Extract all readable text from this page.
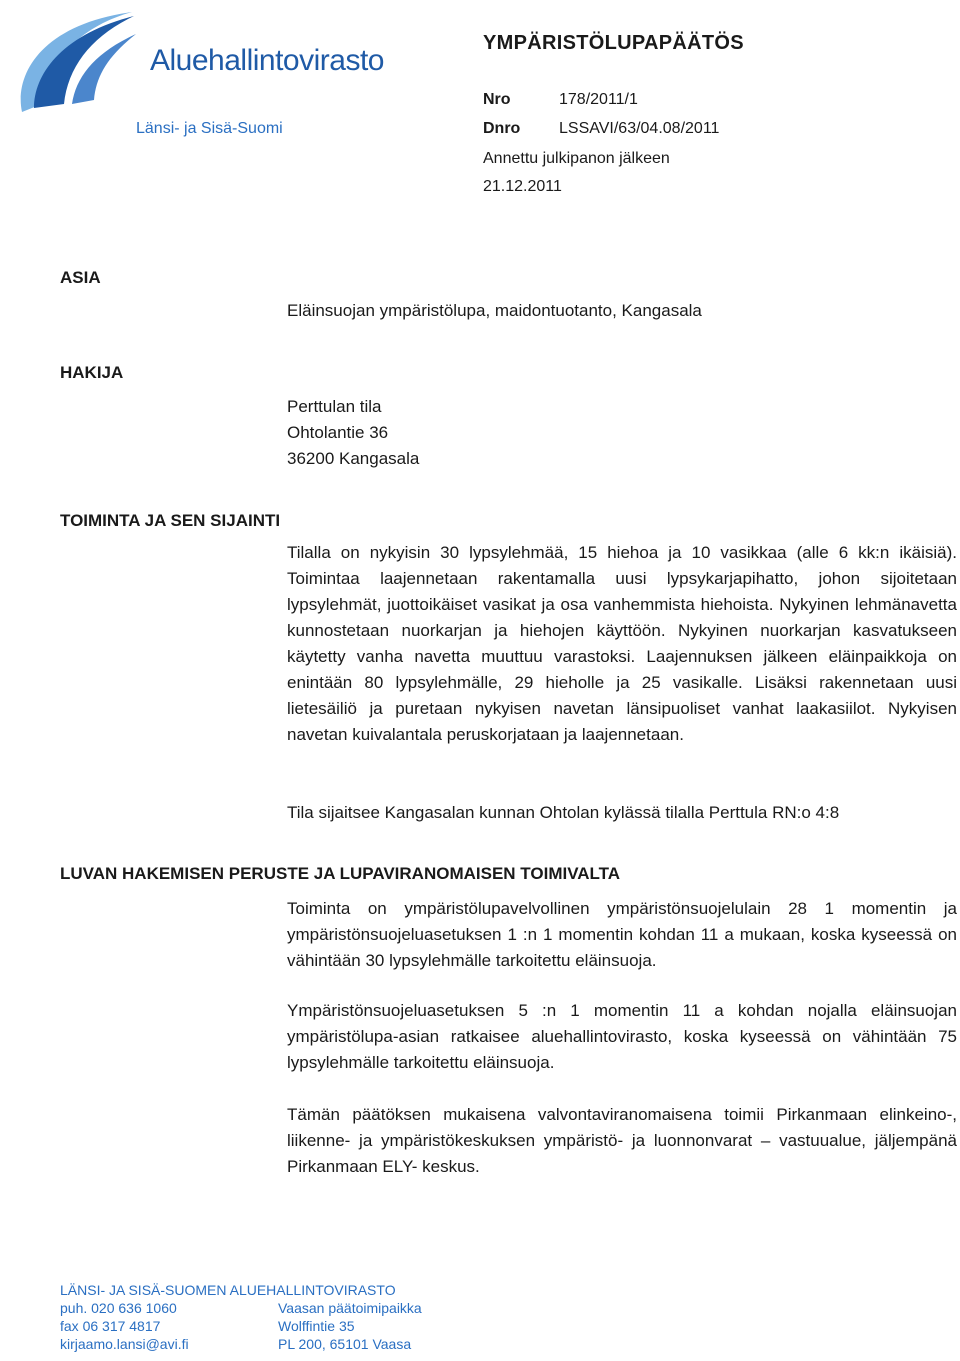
Aluehallintovirasto
Länsi- ja Sisä-Suomi
YMPÄRISTÖLUPAPÄÄTÖS
Nro	178/2011/1
Dnro LSSAVI/63/04.08/2011
Annettu julkipanon jälkeen
21.12.2011
ASIA
Eläinsuojan ympäristölupa, maidontuotanto, Kangasala
HAKIJA
Perttulan tila
Ohtolantie 36
36200 Kangasala
TOIMINTA JA SEN SIJAINTI
Tilalla on nykyisin 30 lypsylehmää, 15 hiehoa ja 10 vasikkaa (alle 6 kk:n ikäisiä). Toimintaa laajennetaan rakentamalla uusi lypsykarjapihatto, johon sijoitetaan lypsylehmät, juottoikäiset vasikat ja osa vanhemmista hiehoista. Nykyinen lehmänavetta kunnostetaan nuorkarjan ja hiehojen käyttöön. Nykyinen nuorkarjan kasvatukseen käytetty vanha navetta muuttuu varastoksi. Laajennuksen jälkeen eläinpaikkoja on enintään 80 lypsylehmälle, 29 hieholle ja 25 vasikalle. Lisäksi rakennetaan uusi lietesäiliö ja puretaan nykyisen navetan länsipuoliset vanhat laakasiilot. Nykyisen navetan kuivalantala peruskorjataan ja laajennetaan.
Tila sijaitsee Kangasalan kunnan Ohtolan kylässä tilalla Perttula RN:o 4:8
LUVAN HAKEMISEN PERUSTE JA LUPAVIRANOMAISEN TOIMIVALTA
Toiminta on ympäristölupavelvollinen ympäristönsuojelulain 28 1 momentin ja ympäristönsuojeluasetuksen 1 :n 1 momentin kohdan 11 a mukaan, koska kyseessä on vähintään 30 lypsylehmälle tarkoitettu eläinsuoja.
Ympäristönsuojeluasetuksen 5 :n 1 momentin 11 a kohdan nojalla eläinsuojan ympäristölupa-asian ratkaisee aluehallintovirasto, koska kyseessä on vähintään 75 lypsylehmälle tarkoitettu eläinsuoja.
Tämän päätöksen mukaisena valvontaviranomaisena toimii Pirkanmaan elinkeino-, liikenne- ja ympäristökeskuksen ympäristö- ja luonnonvarat – vastuualue, jäljempänä Pirkanmaan ELY- keskus.
LÄNSI- JA SISÄ-SUOMEN ALUEHALLINTOVIRASTO
puh. 020 636 1060
fax 06 317 4817
kirjaamo.lansi@avi.fi
Vaasan päätoimipaikka
Wolffintie 35
PL 200, 65101 Vaasa
